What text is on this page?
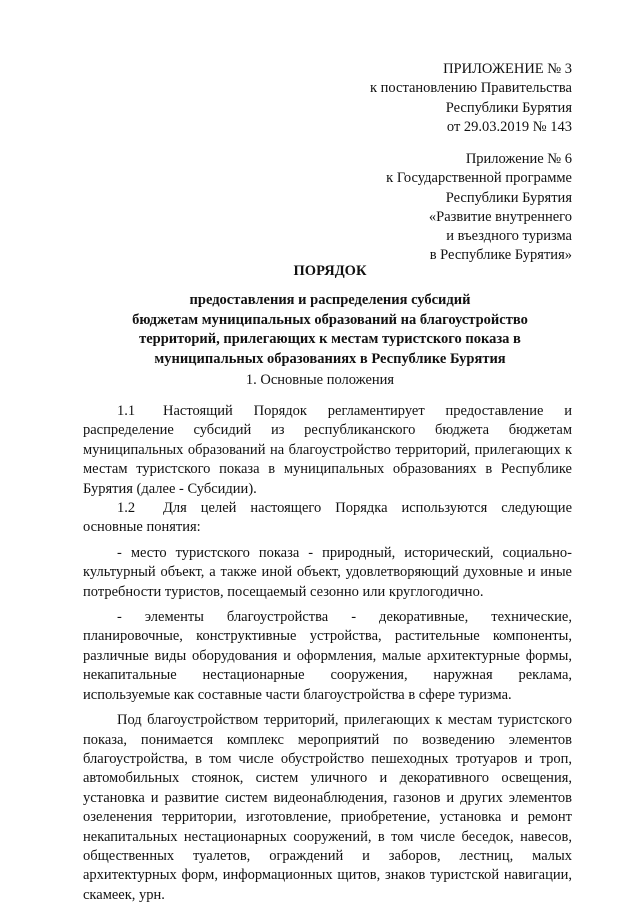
ПРИЛОЖЕНИЕ № 3
к постановлению Правительства
Республики Бурятия
от 29.03.2019 № 143
Приложение № 6
к Государственной программе
Республики Бурятия
«Развитие внутреннего
и въездного туризма
в Республике Бурятия»
ПОРЯДОК
предоставления и распределения субсидий
бюджетам муниципальных образований на благоустройство
территорий, прилегающих к местам туристского показа в
муниципальных образованиях в Республике Бурятия
1. Основные положения

1.1 Настоящий Порядок регламентирует предоставление и распределение субсидий из республиканского бюджета бюджетам муниципальных образований на благоустройство территорий, прилегающих к местам туристского показа в муниципальных образованиях в Республике Бурятия (далее - Субсидии).

1.2 Для целей настоящего Порядка используются следующие основные понятия:

- место туристского показа - природный, исторический, социально-культурный объект, а также иной объект, удовлетворяющий духовные и иные потребности туристов, посещаемый сезонно или круглогодично.

- элементы благоустройства - декоративные, технические, планировочные, конструктивные устройства, растительные компоненты, различные виды оборудования и оформления, малые архитектурные формы, некапитальные нестационарные сооружения, наружная реклама, используемые как составные части благоустройства в сфере туризма.

Под благоустройством территорий, прилегающих к местам туристского показа, понимается комплекс мероприятий по возведению элементов благоустройства, в том числе обустройство пешеходных тротуаров и троп, автомобильных стоянок, систем уличного и декоративного освещения, установка и развитие систем видеонаблюдения, газонов и других элементов озеленения территории, изготовление, приобретение, установка и ремонт некапитальных нестационарных сооружений, в том числе беседок, навесов, общественных туалетов, ограждений и заборов, лестниц, малых архитектурных форм, информационных щитов, знаков туристской навигации, скамеек, урн.
